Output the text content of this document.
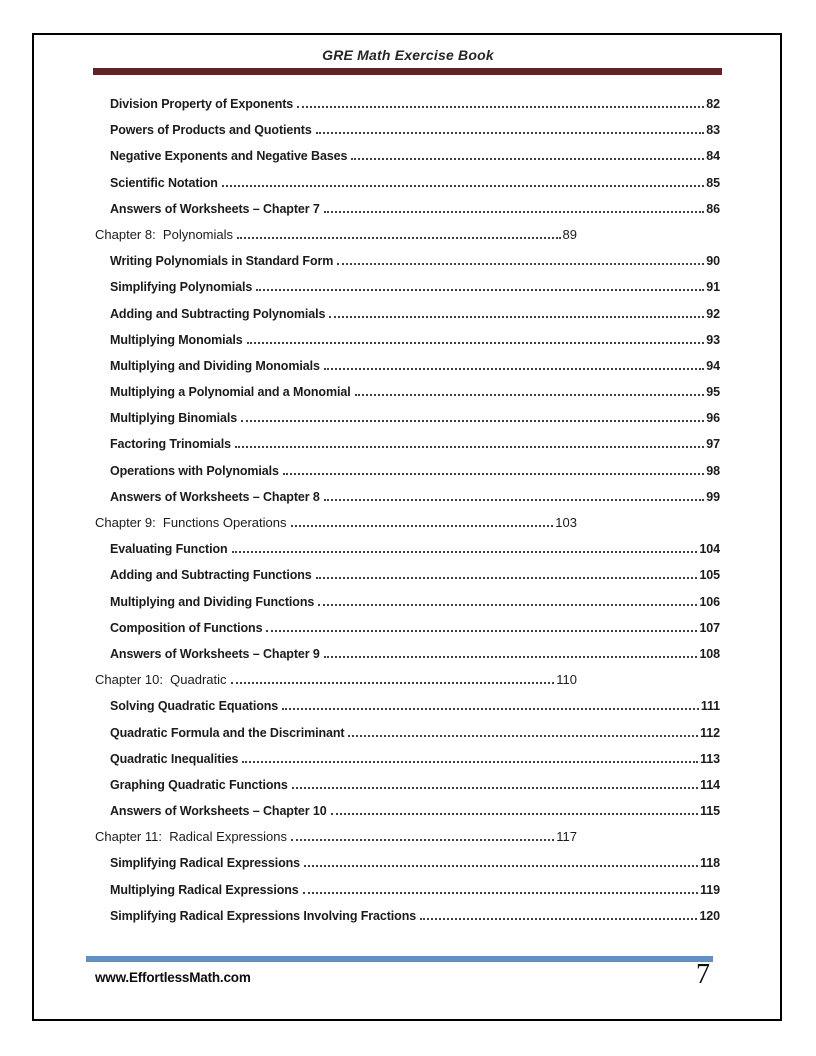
GRE Math Exercise Book
Division Property of Exponents	82
Powers of Products and Quotients	83
Negative Exponents and Negative Bases	84
Scientific Notation	85
Answers of Worksheets – Chapter 7	86
Chapter 8:  Polynomials	89
Writing Polynomials in Standard Form	90
Simplifying Polynomials	91
Adding and Subtracting Polynomials	92
Multiplying Monomials	93
Multiplying and Dividing Monomials	94
Multiplying a Polynomial and a Monomial	95
Multiplying Binomials	96
Factoring Trinomials	97
Operations with Polynomials	98
Answers of Worksheets – Chapter 8	99
Chapter 9:  Functions Operations	103
Evaluating Function	104
Adding and Subtracting Functions	105
Multiplying and Dividing Functions	106
Composition of Functions	107
Answers of Worksheets – Chapter 9	108
Chapter 10:  Quadratic	110
Solving Quadratic Equations	111
Quadratic Formula and the Discriminant	112
Quadratic Inequalities	113
Graphing Quadratic Functions	114
Answers of Worksheets – Chapter 10	115
Chapter 11:  Radical Expressions	117
Simplifying Radical Expressions	118
Multiplying Radical Expressions	119
Simplifying Radical Expressions Involving Fractions	120
www.EffortlessMath.com	7
